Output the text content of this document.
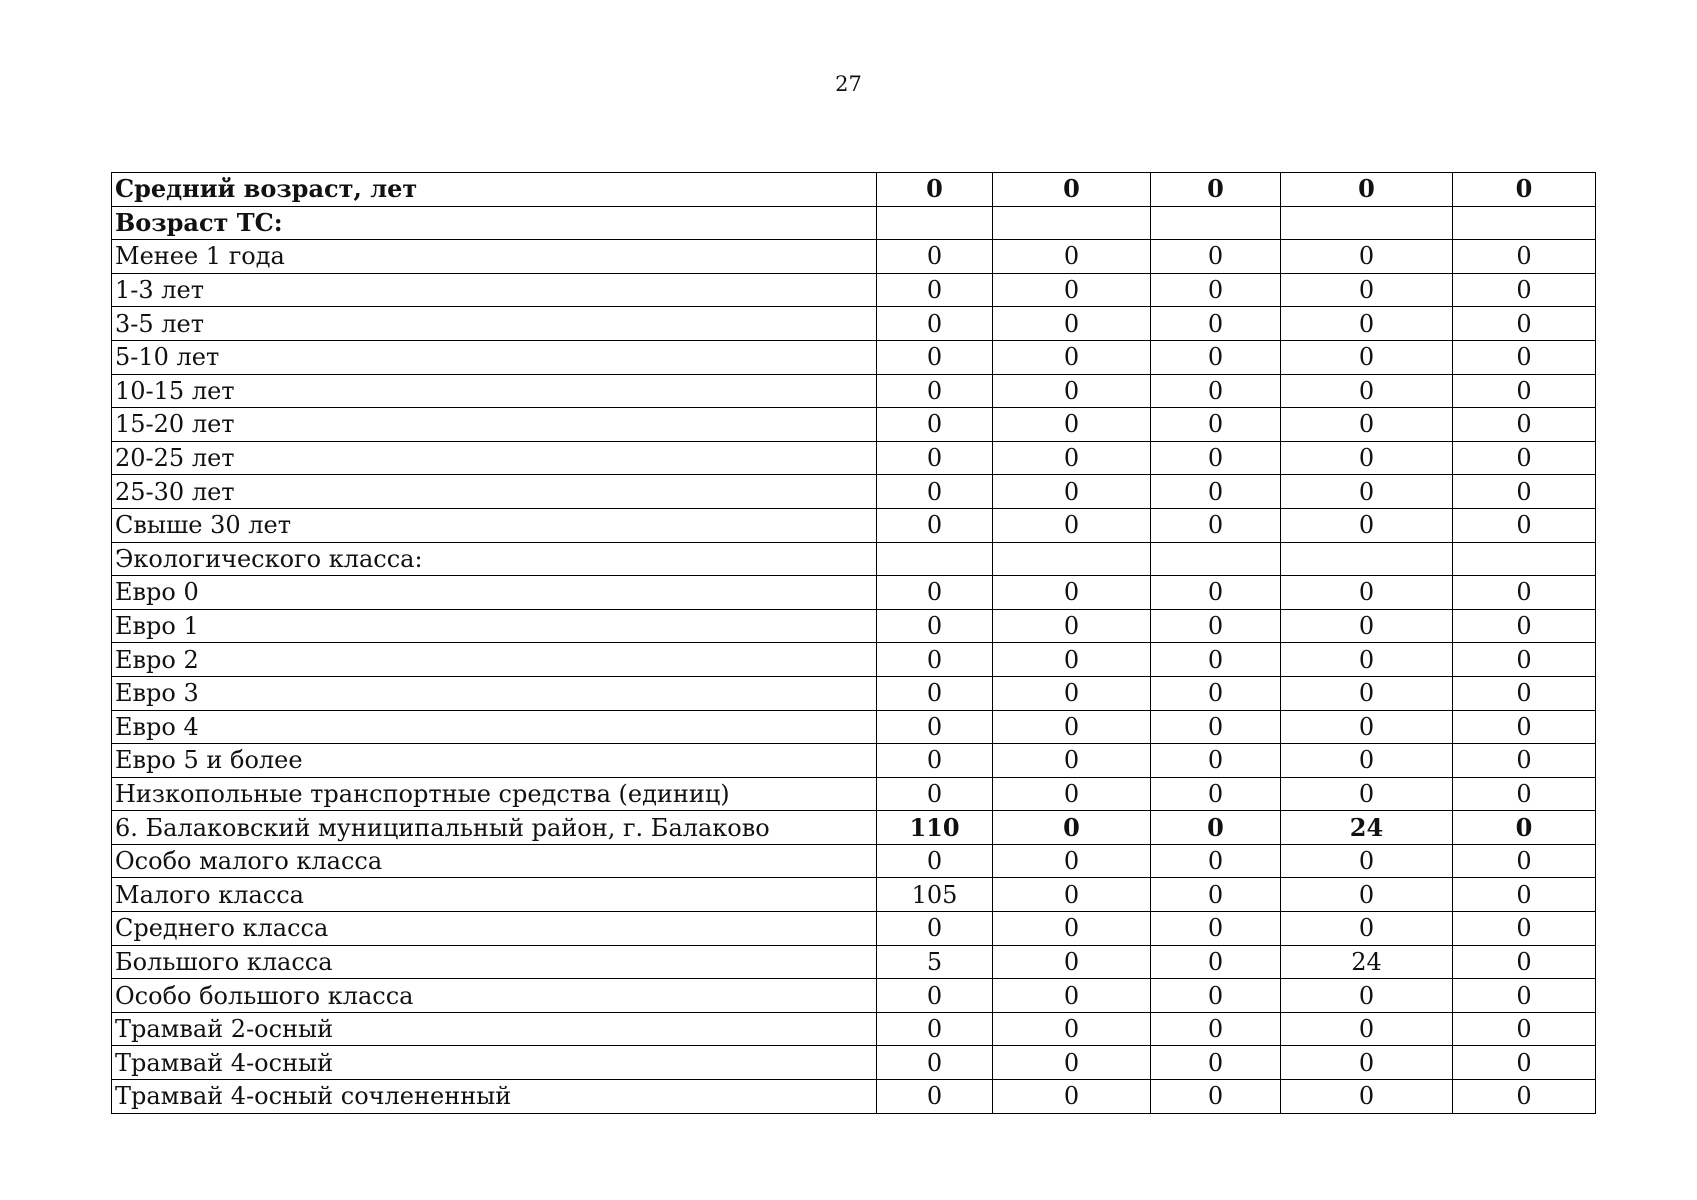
27
Средний возраст, лет	0	0	0	0	0
Возраст ТС:					
Менее 1 года	0	0	0	0	0
1-3 лет	0	0	0	0	0
3-5 лет	0	0	0	0	0
5-10 лет	0	0	0	0	0
10-15 лет	0	0	0	0	0
15-20 лет	0	0	0	0	0
20-25 лет	0	0	0	0	0
25-30 лет	0	0	0	0	0
Свыше 30 лет	0	0	0	0	0
Экологического класса:					
Евро 0	0	0	0	0	0
Евро 1	0	0	0	0	0
Евро 2	0	0	0	0	0
Евро 3	0	0	0	0	0
Евро 4	0	0	0	0	0
Евро 5 и более	0	0	0	0	0
Низкопольные транспортные средства (единиц)	0	0	0	0	0
6. Балаковский муниципальный район, г. Балаково	110	0	0	24	0
Особо малого класса	0	0	0	0	0
Малого класса	105	0	0	0	0
Среднего класса	0	0	0	0	0
Большого класса	5	0	0	24	0
Особо большого класса	0	0	0	0	0
Трамвай 2-осный	0	0	0	0	0
Трамвай 4-осный	0	0	0	0	0
Трамвай 4-осный сочлененный	0	0	0	0	0
